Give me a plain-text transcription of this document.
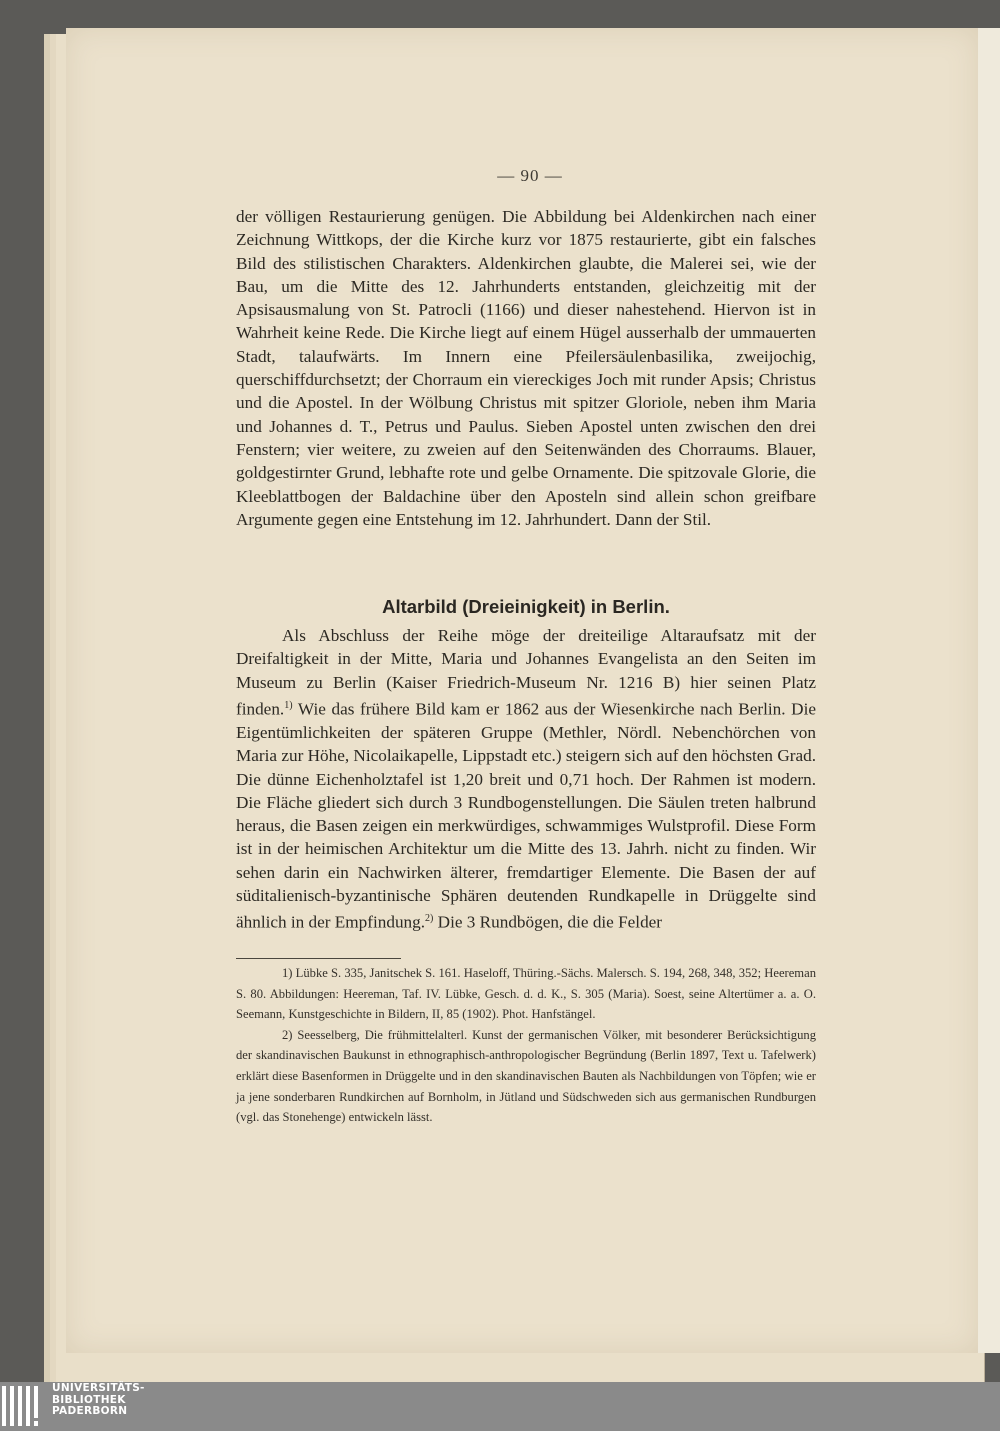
— 90 —

der völligen Restaurierung genügen. Die Abbildung bei Aldenkirchen nach einer Zeichnung Wittkops, der die Kirche kurz vor 1875 restaurierte, gibt ein falsches Bild des stilistischen Charakters. Aldenkirchen glaubte, die Malerei sei, wie der Bau, um die Mitte des 12. Jahrhunderts entstanden, gleichzeitig mit der Apsisausmalung von St. Patrocli (1166) und dieser nahestehend. Hiervon ist in Wahrheit keine Rede. Die Kirche liegt auf einem Hügel ausserhalb der ummauerten Stadt, talaufwärts. Im Innern eine Pfeilersäulenbasilika, zweijochig, querschiffdurchsetzt; der Chorraum ein viereckiges Joch mit runder Apsis; Christus und die Apostel. In der Wölbung Christus mit spitzer Gloriole, neben ihm Maria und Johannes d. T., Petrus und Paulus. Sieben Apostel unten zwischen den drei Fenstern; vier weitere, zu zweien auf den Seitenwänden des Chorraums. Blauer, goldgestirnter Grund, lebhafte rote und gelbe Ornamente. Die spitzovale Glorie, die Kleeblattbogen der Baldachine über den Aposteln sind allein schon greifbare Argumente gegen eine Entstehung im 12. Jahrhundert. Dann der Stil.

Altarbild (Dreieinigkeit) in Berlin.

Als Abschluss der Reihe möge der dreiteilige Altaraufsatz mit der Dreifaltigkeit in der Mitte, Maria und Johannes Evangelista an den Seiten im Museum zu Berlin (Kaiser Friedrich-Museum Nr. 1216 B) hier seinen Platz finden.$^{1)}$ Wie das frühere Bild kam er 1862 aus der Wiesenkirche nach Berlin. Die Eigentümlichkeiten der späteren Gruppe (Methler, Nördl. Nebenchörchen von Maria zur Höhe, Nicolaikapelle, Lippstadt etc.) steigern sich auf den höchsten Grad. Die dünne Eichenholztafel ist 1,20 breit und 0,71 hoch. Der Rahmen ist modern. Die Fläche gliedert sich durch 3 Rundbogenstellungen. Die Säulen treten halbrund heraus, die Basen zeigen ein merkwürdiges, schwammiges Wulstprofil. Diese Form ist in der heimischen Architektur um die Mitte des 13. Jahrh. nicht zu finden. Wir sehen darin ein Nachwirken älterer, fremdartiger Elemente. Die Basen der auf süditalienisch-byzantinische Sphären deutenden Rundkapelle in Drüggelte sind ähnlich in der Empfindung.$^{2)}$ Die 3 Rundbögen, die die Felder

1) Lübke S. 335, Janitschek S. 161. Haseloff, Thüring.-Sächs. Malersch. S. 194, 268, 348, 352; Heereman S. 80. Abbildungen: Heereman, Taf. IV. Lübke, Gesch. d. d. K., S. 305 (Maria). Soest, seine Altertümer a. a. O. Seemann, Kunstgeschichte in Bildern, II, 85 (1902). Phot. Hanfstängel.

2) Seesselberg, Die frühmittelalterl. Kunst der germanischen Völker, mit besonderer Berücksichtigung der skandinavischen Baukunst in ethnographisch-anthropologischer Begründung (Berlin 1897, Text u. Tafelwerk) erklärt diese Basenformen in Drüggelte und in den skandinavischen Bauten als Nachbildungen von Töpfen; wie er ja jene sonderbaren Rundkirchen auf Bornholm, in Jütland und Südschweden sich aus germanischen Rundburgen (vgl. das Stonehenge) entwickeln lässt.

UNIVERSITÄTS-
BIBLIOTHEK
PADERBORN
